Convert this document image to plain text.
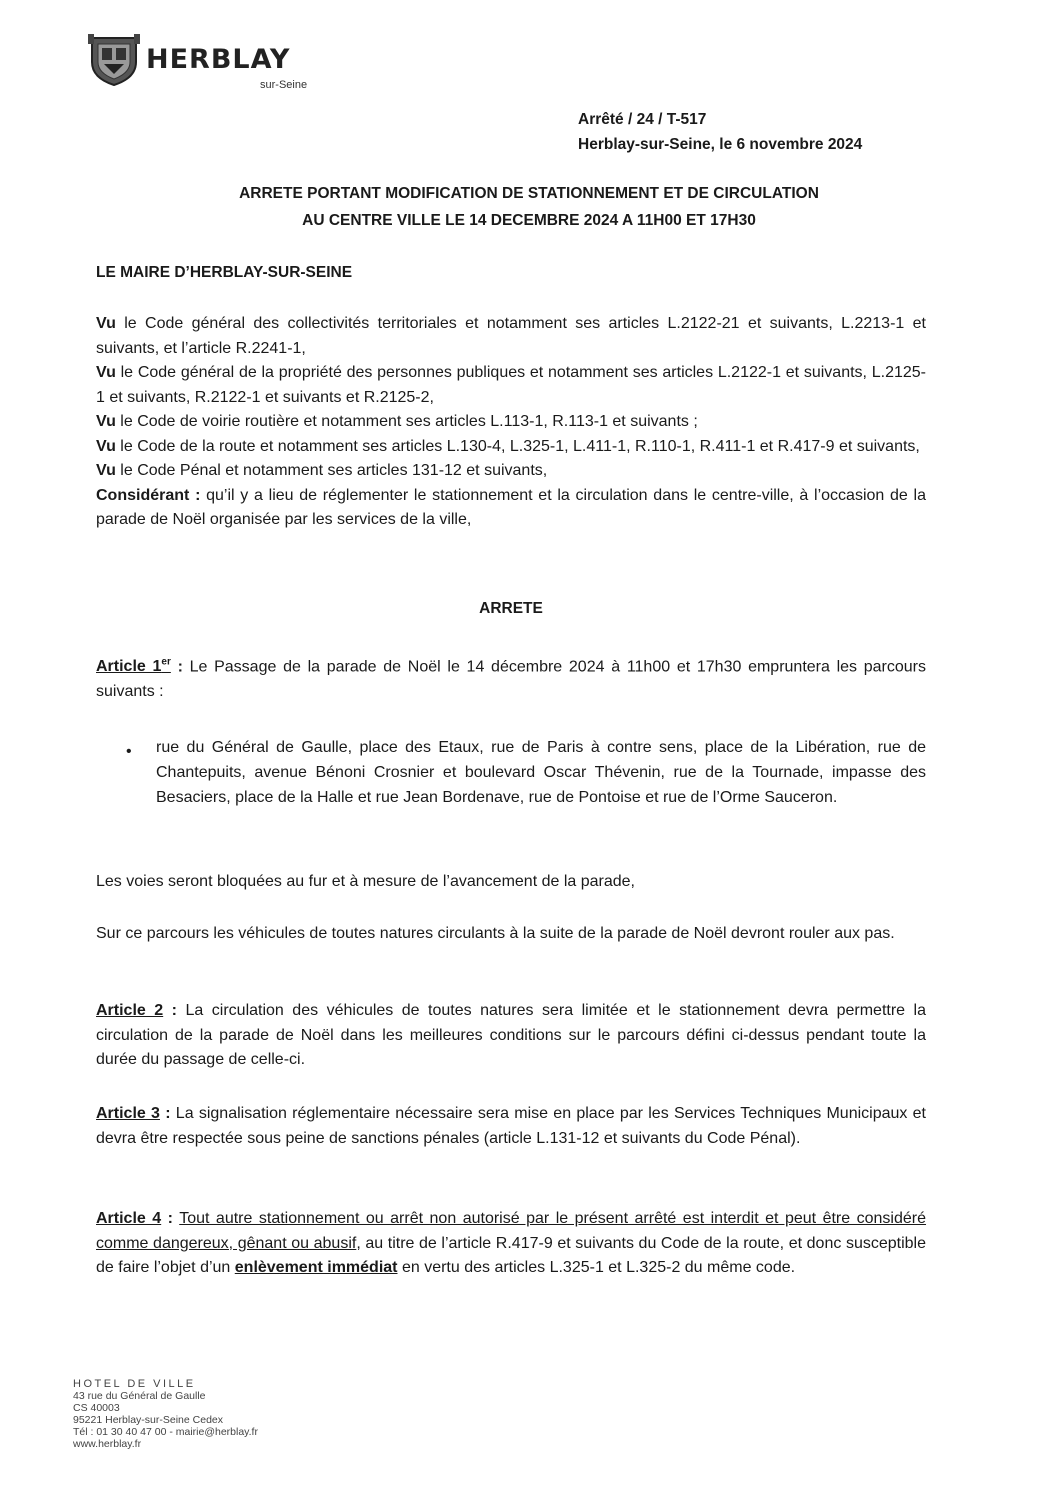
HERBLAY
sur-Seine
Arrêté / 24 / T-517
Herblay-sur-Seine, le 6 novembre 2024
ARRETE PORTANT MODIFICATION DE STATIONNEMENT ET DE CIRCULATION
AU CENTRE VILLE LE 14 DECEMBRE 2024 A 11H00 ET 17H30
LE MAIRE D’HERBLAY-SUR-SEINE

Vu le Code général des collectivités territoriales et notamment ses articles L.2122-21 et suivants, L.2213-1 et suivants, et l’article R.2241-1,

Vu le Code général de la propriété des personnes publiques et notamment ses articles L.2122-1 et suivants, L.2125-1 et suivants, R.2122-1 et suivants et R.2125-2,

Vu le Code de voirie routière et notamment ses articles L.113-1, R.113-1 et suivants ;

Vu le Code de la route et notamment ses articles L.130-4, L.325-1, L.411-1, R.110-1, R.411-1 et R.417-9 et suivants,

Vu le Code Pénal et notamment ses articles 131-12 et suivants,

Considérant : qu’il y a lieu de réglementer le stationnement et la circulation dans le centre-ville, à l’occasion de la parade de Noël organisée par les services de la ville,

ARRETE

Article 1er : Le Passage de la parade de Noël le 14 décembre 2024 à 11h00 et 17h30 empruntera les parcours suivants :

• rue du Général de Gaulle, place des Etaux, rue de Paris à contre sens, place de la Libération, rue de Chantepuits, avenue Bénoni Crosnier et boulevard Oscar Thévenin, rue de la Tournade, impasse des Besaciers, place de la Halle et rue Jean Bordenave, rue de Pontoise et rue de l’Orme Sauceron.

Les voies seront bloquées au fur et à mesure de l’avancement de la parade,

Sur ce parcours les véhicules de toutes natures circulants à la suite de la parade de Noël devront rouler aux pas.

Article 2 : La circulation des véhicules de toutes natures sera limitée et le stationnement devra permettre la circulation de la parade de Noël dans les meilleures conditions sur le parcours défini ci-dessus pendant toute la durée du passage de celle-ci.

Article 3 : La signalisation réglementaire nécessaire sera mise en place par les Services Techniques Municipaux et devra être respectée sous peine de sanctions pénales (article L.131-12 et suivants du Code Pénal).

Article 4 : Tout autre stationnement ou arrêt non autorisé par le présent arrêté est interdit et peut être considéré comme dangereux, gênant ou abusif, au titre de l’article R.417-9 et suivants du Code de la route, et donc susceptible de faire l’objet d’un enlèvement immédiat en vertu des articles L.325-1 et L.325-2 du même code.

HOTEL DE VILLE
43 rue du Général de Gaulle
CS 40003
95221 Herblay-sur-Seine Cedex
Tél : 01 30 40 47 00 - mairie@herblay.fr
www.herblay.fr
